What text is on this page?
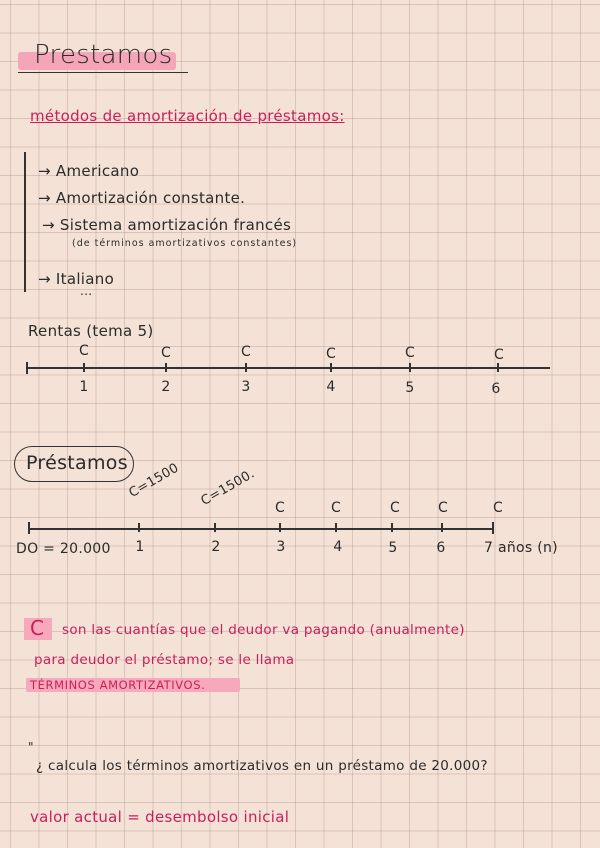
Prestamos
métodos de amortización de préstamos:
→ Americano
→ Amortización constante.
→ Sistema amortización francés
(de términos amortizativos constantes)
→ Italiano
...
Rentas (tema 5)
C	C	C	C	C	C
1	2	3	4	5	6
Préstamos
C=1500 C=1500.	C	C	C	C	C
DO = 20.000	1	2	3	4	5	6	7 años (n)
C son las cuantías que el deudor va pagando (anualmente)
para deudor el préstamo; se le llama
TÉRMINOS AMORTIZATIVOS.
"
¿ calcula los términos amortizativos en un préstamo de 20.000?
valor actual = desembolso inicial
